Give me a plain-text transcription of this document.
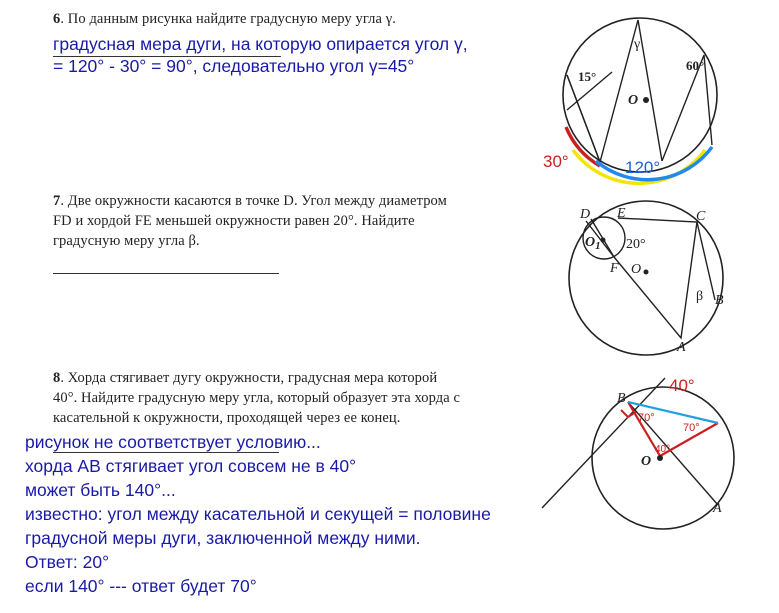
6. По данным рисунка найдите градусную меру угла γ.
градусная мера дуги, на которую опирается угол γ,
= 120° - 30° = 90°, следовательно угол γ=45°
γ
15°
60°
O
30°	120°
7. Две окружности касаются в точке D. Угол между диаметром
FD и хордой FE меньшей окружности равен 20°. Найдите
градусную меру угла β.
D E	C
$O_1$ 20°
F O
β B
A
8. Хорда стягивает дугу окружности, градусная мера которой
40°. Найдите градусную меру угла, который образует эта хорда с
касательной к окружности, проходящей через ее конец.
рисунок не соответствует условию...
хорда АВ стягивает угол совсем не в 40°
может быть 140°...
известно: угол между касательной и секущей = половине
градусной меры дуги, заключенной между ними.
Ответ: 20°
если 140° --- ответ будет 70°
B
40°
70°
70°
40°
O
A
